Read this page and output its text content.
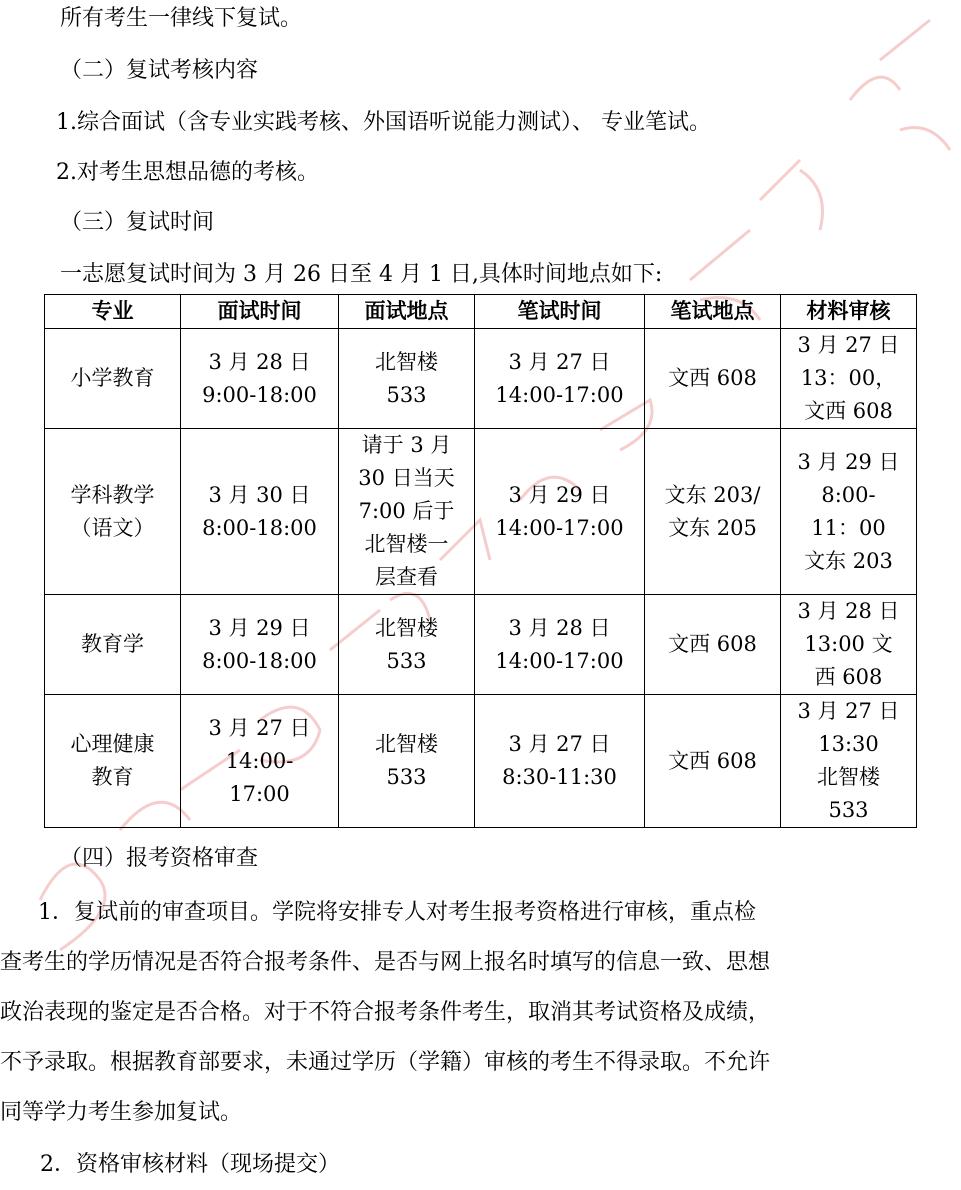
所有考生一律线下复试。

（二）复试考核内容

1.综合面试（含专业实践考核、外国语听说能力测试）、 专业笔试。

2.对考生思想品德的考核。

（三）复试时间

一志愿复试时间为 3 月 26 日至 4 月 1 日,具体时间地点如下:

专业	面试时间	面试地点	笔试时间	笔试地点	材料审核

小学教育	3 月 28 日
9:00-18:00	北智楼
533	3 月 27 日
14:00-17:00	文西 608	3 月 27 日
13：00，
文西 608

学科教学
（语文）	3 月 30 日
8:00-18:00	请于 3 月
30 日当天
7:00 后于
北智楼一
层查看	3 月 29 日
14:00-17:00	文东 203/
文东 205	3 月 29 日
8:00-
11：00
文东 203

教育学	3 月 29 日
8:00-18:00	北智楼
533	3 月 28 日
14:00-17:00	文西 608	3 月 28 日
13:00 文
西 608

心理健康
教育	3 月 27 日
14:00-
17:00	北智楼
533	3 月 27 日
8:30-11:30	文西 608	3 月 27 日
13:30
北智楼
533

（四）报考资格审查

　1．复试前的审查项目。学院将安排专人对考生报考资格进行审核，重点检

查考生的学历情况是否符合报考条件、是否与网上报名时填写的信息一致、思想

政治表现的鉴定是否合格。对于不符合报考条件考生，取消其考试资格及成绩，

不予录取。根据教育部要求，未通过学历（学籍）审核的考生不得录取。不允许

同等学力考生参加复试。

2．资格审核材料（现场提交）
